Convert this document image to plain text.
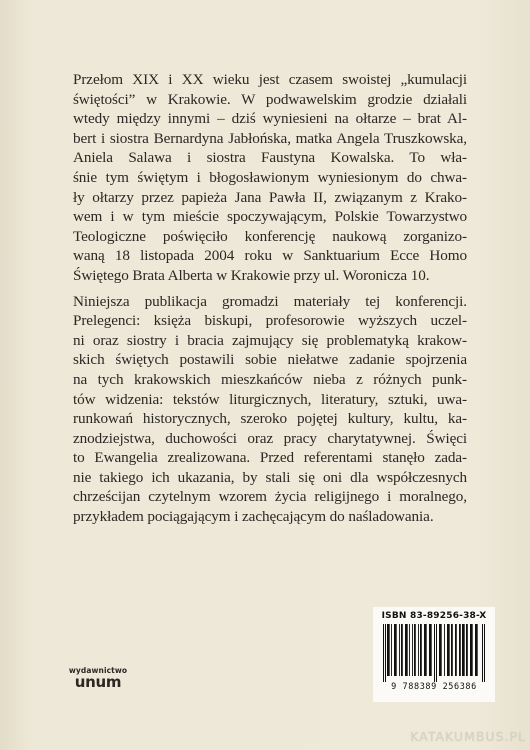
Przełom XIX i XX wieku jest czasem swoistej „kumulacji
świętości” w Krakowie. W podwawelskim grodzie działali
wtedy między innymi – dziś wyniesieni na ołtarze – brat Al-
bert i siostra Bernardyna Jabłońska, matka Angela Truszkowska,
Aniela Salawa i siostra Faustyna Kowalska. To wła-
śnie tym świętym i błogosławionym wyniesionym do chwa-
ły ołtarzy przez papieża Jana Pawła II, związanym z Krako-
wem i w tym mieście spoczywającym, Polskie Towarzystwo
Teologiczne poświęciło konferencję naukową zorganizo-
waną 18 listopada 2004 roku w Sanktuarium Ecce Homo
Świętego Brata Alberta w Krakowie przy ul. Woronicza 10.

Niniejsza publikacja gromadzi materiały tej konferencji.
Prelegenci: księża biskupi, profesorowie wyższych uczel-
ni oraz siostry i bracia zajmujący się problematyką krakow-
skich świętych postawili sobie niełatwe zadanie spojrzenia
na tych krakowskich mieszkańców nieba z różnych punk-
tów widzenia: tekstów liturgicznych, literatury, sztuki, uwa-
runkowań historycznych, szeroko pojętej kultury, kultu, ka-
znodziejstwa, duchowości oraz pracy charytatywnej. Święci
to Ewangelia zrealizowana. Przed referentami stanęło zada-
nie takiego ich ukazania, by stali się oni dla współczesnych
chrześcijan czytelnym wzorem życia religijnego i moralnego,
przykładem pociągającym i zachęcającym do naśladowania.

wydawnictwo
unum
ISBN 83-89256-38-X
9 788389 256386
KATAKUMBUS.PL
